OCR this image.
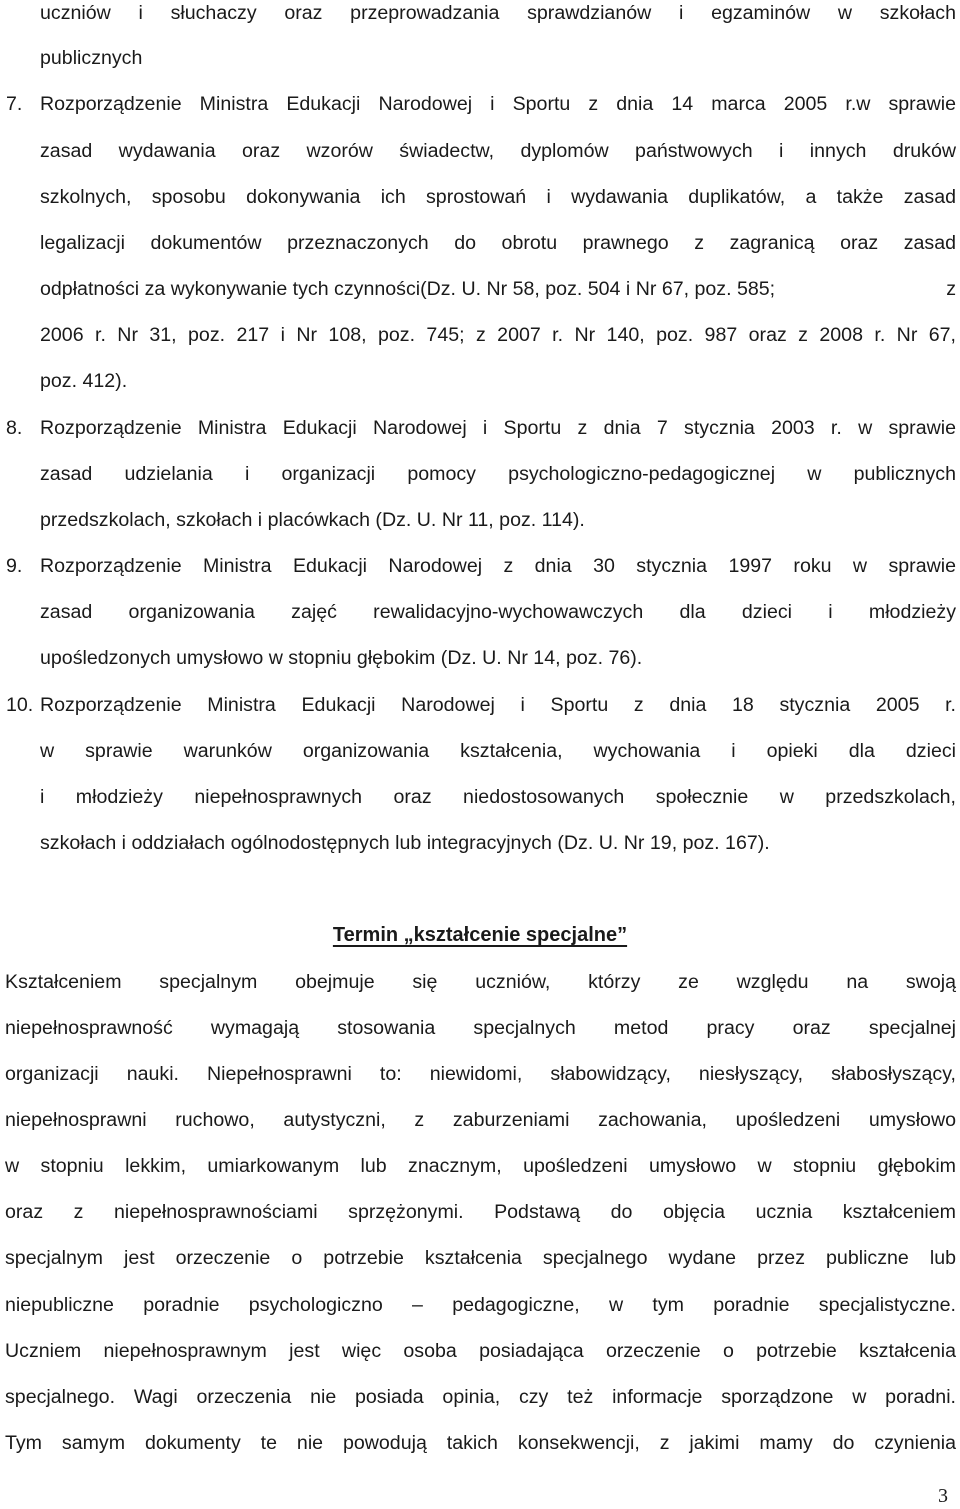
uczniów i słuchaczy oraz przeprowadzania sprawdzianów i egzaminów w szkołach
publicznych
7. Rozporządzenie Ministra Edukacji Narodowej i Sportu z dnia 14 marca 2005 r.w sprawie
zasad wydawania oraz wzorów świadectw, dyplomów państwowych i innych druków
szkolnych, sposobu dokonywania ich sprostowań i wydawania duplikatów, a także zasad
legalizacji dokumentów przeznaczonych do obrotu prawnego z zagranicą oraz zasad
odpłatności za wykonywanie tych czynności(Dz. U. Nr 58, poz. 504 i Nr 67, poz. 585;	z
2006 r. Nr 31, poz. 217 i Nr 108, poz. 745; z 2007 r. Nr 140, poz. 987 oraz z 2008 r. Nr 67,
poz. 412).
8. Rozporządzenie Ministra Edukacji Narodowej i Sportu z dnia 7 stycznia 2003 r. w sprawie
zasad udzielania i organizacji pomocy psychologiczno-pedagogicznej w publicznych
przedszkolach, szkołach i placówkach (Dz. U. Nr 11, poz. 114).
9. Rozporządzenie Ministra Edukacji Narodowej z dnia 30 stycznia 1997 roku w sprawie
zasad organizowania zajęć rewalidacyjno-wychowawczych dla dzieci i młodzieży
upośledzonych umysłowo w stopniu głębokim (Dz. U. Nr 14, poz. 76).
10. Rozporządzenie Ministra Edukacji Narodowej i Sportu z dnia 18 stycznia 2005 r.
w sprawie warunków organizowania kształcenia, wychowania i opieki dla dzieci
i młodzieży niepełnosprawnych oraz niedostosowanych społecznie w przedszkolach,
szkołach i oddziałach ogólnodostępnych lub integracyjnych (Dz. U. Nr 19, poz. 167).
Termin „kształcenie specjalne”
Kształceniem specjalnym obejmuje się uczniów, którzy ze względu na swoją
niepełnosprawność wymagają stosowania specjalnych metod pracy oraz specjalnej
organizacji nauki. Niepełnosprawni to: niewidomi, słabowidzący, niesłyszący, słabosłyszący,
niepełnosprawni ruchowo, autystyczni, z zaburzeniami zachowania, upośledzeni umysłowo
w stopniu lekkim, umiarkowanym lub znacznym, upośledzeni umysłowo w stopniu głębokim
oraz z niepełnosprawnościami sprzężonymi. Podstawą do objęcia ucznia kształceniem
specjalnym jest orzeczenie o potrzebie kształcenia specjalnego wydane przez publiczne lub
niepubliczne poradnie psychologiczno – pedagogiczne, w tym poradnie specjalistyczne.
Uczniem niepełnosprawnym jest więc osoba posiadająca orzeczenie o potrzebie kształcenia
specjalnego. Wagi orzeczenia nie posiada opinia, czy też informacje sporządzone w poradni.
Tym samym dokumenty te nie powodują takich konsekwencji, z jakimi mamy do czynienia
3
